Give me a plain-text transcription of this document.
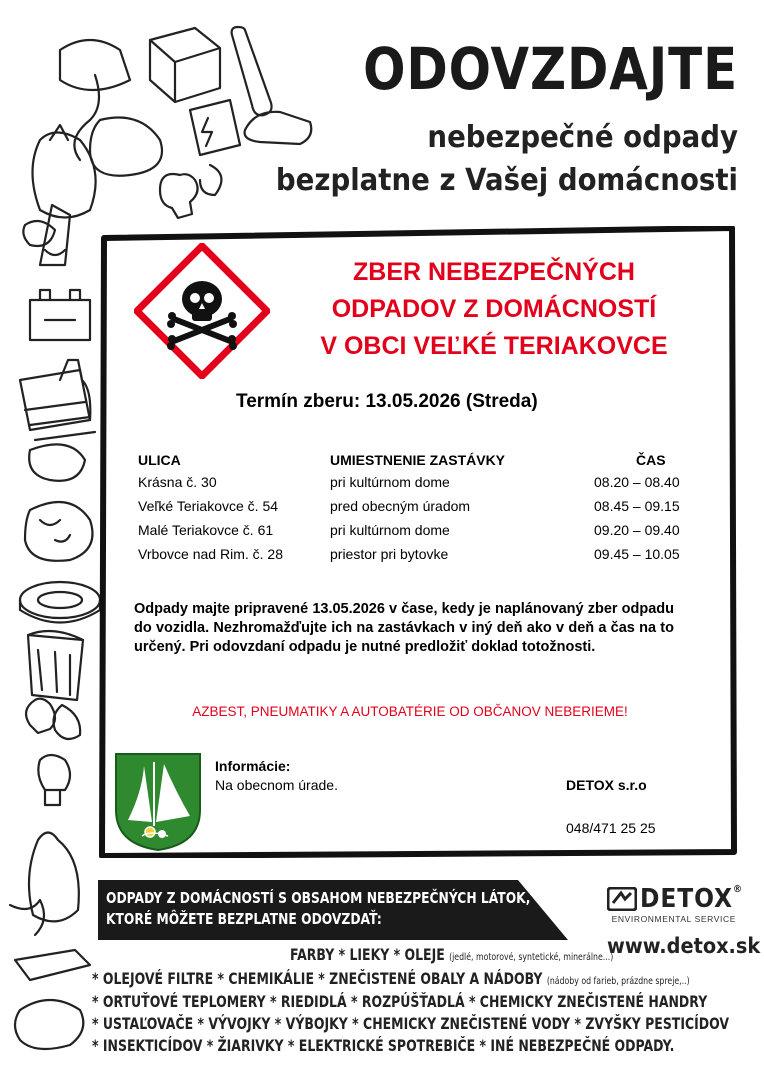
ODOVZDAJTE
nebezpečné odpady
bezplatne z Vašej domácnosti
ZBER NEBEZPEČNÝCH
ODPADOV Z DOMÁCNOSTÍ
V OBCI VEĽKÉ TERIAKOVCE
Termín zberu: 13.05.2026 (Streda)
ULICA	UMIESTNENIE ZASTÁVKY	ČAS
Krásna č. 30	pri kultúrnom dome	08.20 – 08.40
Veľké Teriakovce č. 54	pred obecným úradom	08.45 – 09.15
Malé Teriakovce č. 61	pri kultúrnom dome	09.20 – 09.40
Vrbovce nad Rim. č. 28	priestor pri bytovke	09.45 – 10.05
Odpady majte pripravené 13.05.2026 v čase, kedy je naplánovaný zber odpadu do vozidla. Nezhromažďujte ich na zastávkach v iný deň ako v deň a čas na to určený. Pri odovzdaní odpadu je nutné predložiť doklad totožnosti.
AZBEST, PNEUMATIKY A AUTOBATÉRIE OD OBČANOV NEBERIEME!
Informácie:
Na obecnom úrade.	DETOX s.r.o
048/471 25 25
ODPADY Z DOMÁCNOSTÍ S OBSAHOM NEBEZPEČNÝCH LÁTOK,
KTORÉ MÔŽETE BEZPLATNE ODOVZDAŤ:
DETOX®
ENVIRONMENTAL SERVICE
www.detox.sk
FARBY * LIEKY * OLEJE (jedlé, motorové, syntetické, minerálne...)
* OLEJOVÉ FILTRE * CHEMIKÁLIE * ZNEČISTENÉ OBALY A NÁDOBY (nádoby od farieb, prázdne spreje,..)
* ORTUŤOVÉ TEPLOMERY * RIEDIDLÁ * ROZPÚŠŤADLÁ * CHEMICKY ZNEČISTENÉ HANDRY
* USTAĽOVAČE * VÝVOJKY * VÝBOJKY * CHEMICKY ZNEČISTENÉ VODY * ZVYŠKY PESTICÍDOV
* INSEKTICÍDOV * ŽIARIVKY * ELEKTRICKÉ SPOTREBIČE * INÉ NEBEZPEČNÉ ODPADY.
